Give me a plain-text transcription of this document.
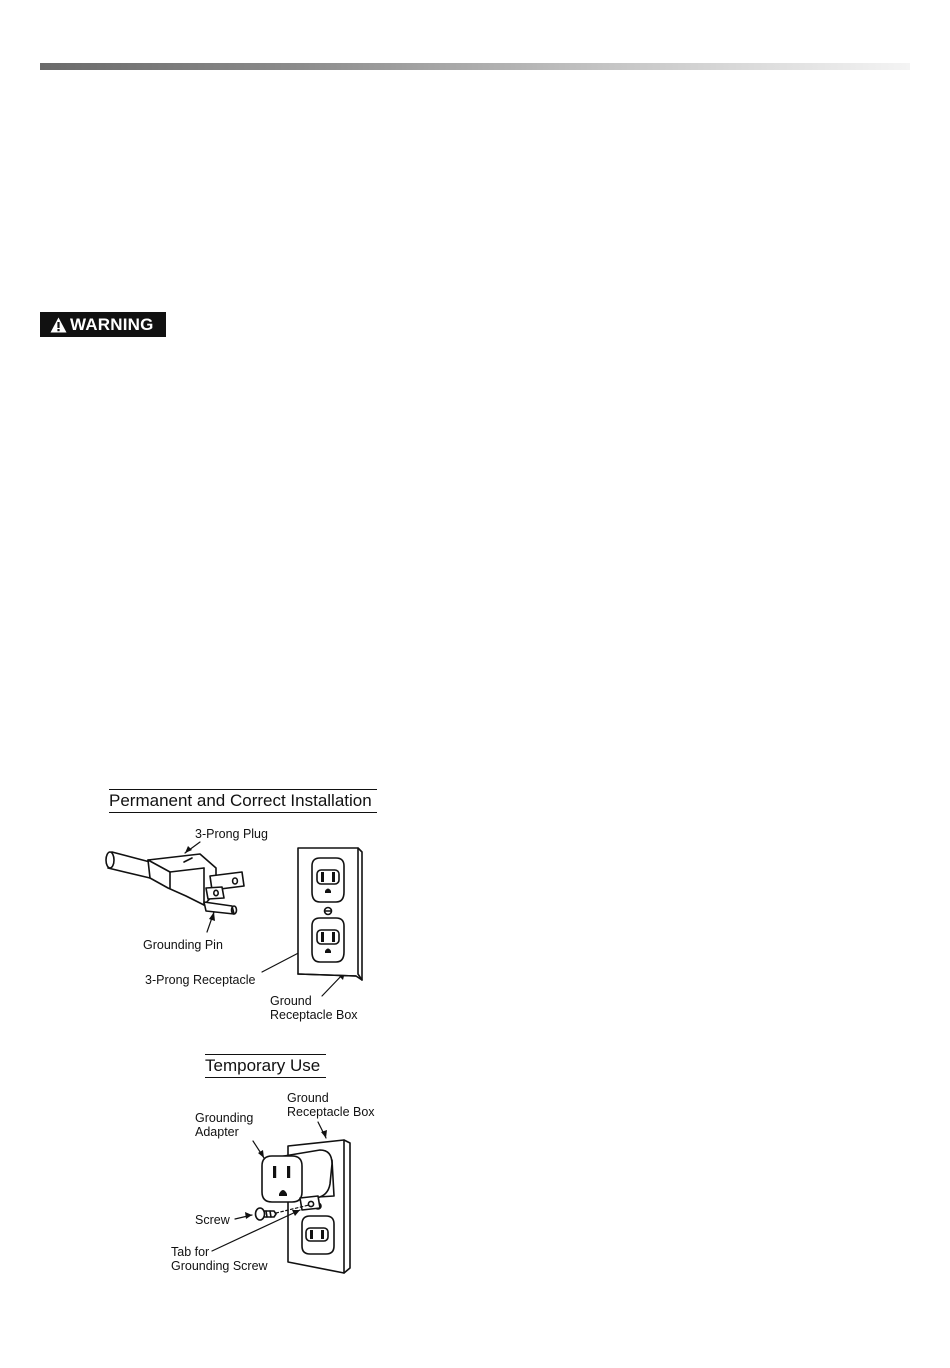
WARNING
Permanent and Correct Installation
3-Prong Plug
Grounding Pin
3-Prong Receptacle
Ground
Receptacle Box
Temporary Use
Ground
Receptacle Box
Grounding
Adapter
Screw
Tab for
Grounding Screw
